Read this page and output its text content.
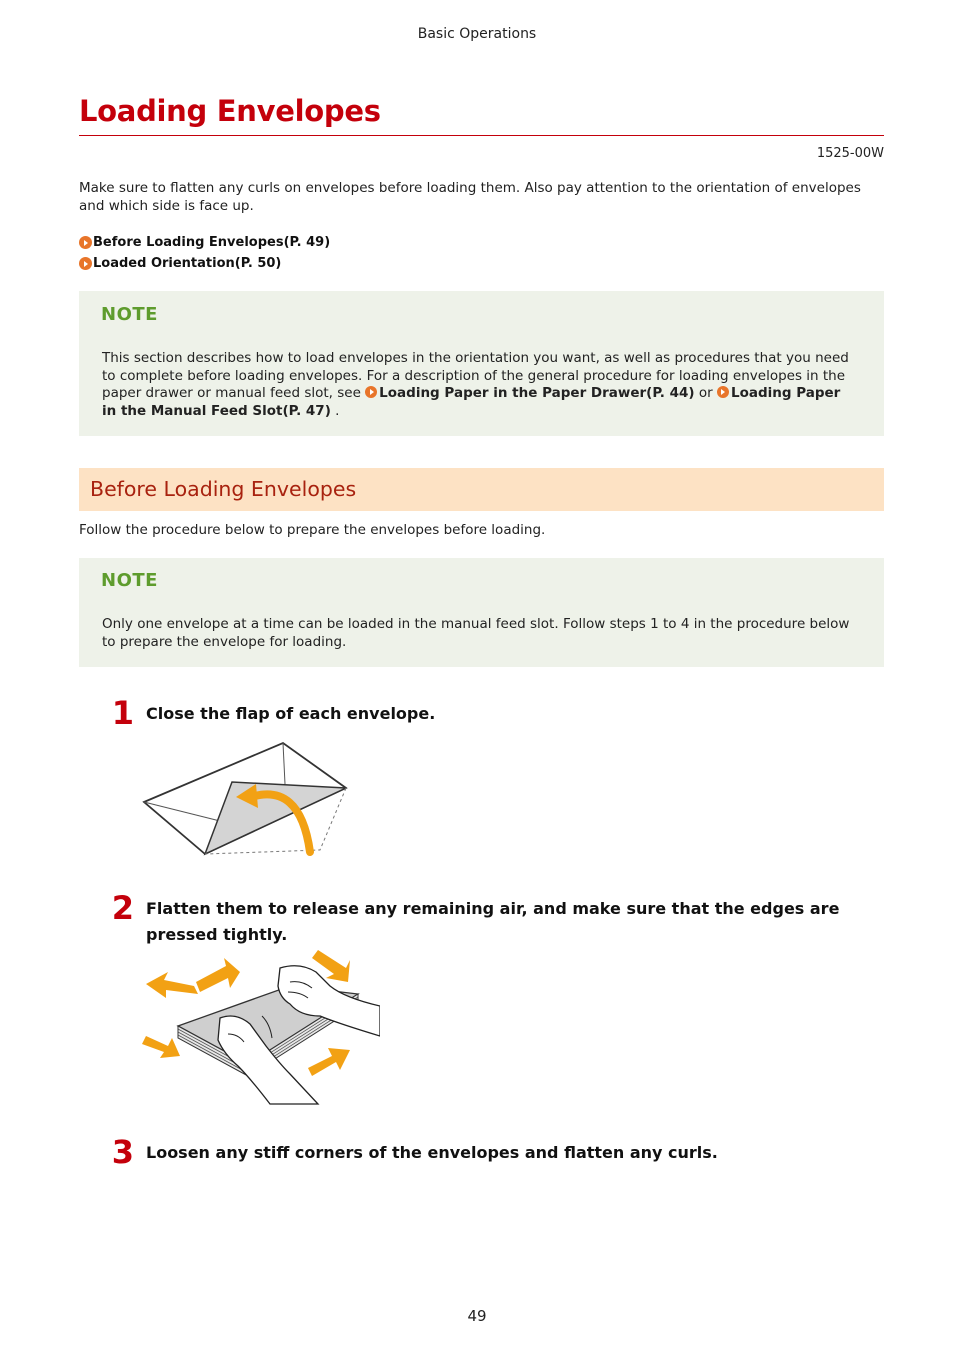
Basic Operations
Loading Envelopes
1525-00W
Make sure to flatten any curls on envelopes before loading them. Also pay attention to the orientation of envelopes and which side is face up.
Before Loading Envelopes(P. 49)
Loaded Orientation(P. 50)
NOTE
This section describes how to load envelopes in the orientation you want, as well as procedures that you need to complete before loading envelopes. For a description of the general procedure for loading envelopes in the paper drawer or manual feed slot, see Loading Paper in the Paper Drawer(P. 44) or Loading Paper in the Manual Feed Slot(P. 47) .
Before Loading Envelopes
Follow the procedure below to prepare the envelopes before loading.
NOTE
Only one envelope at a time can be loaded in the manual feed slot. Follow steps 1 to 4 in the procedure below to prepare the envelope for loading.
1 Close the flap of each envelope.
2 Flatten them to release any remaining air, and make sure that the edges are pressed tightly.
3 Loosen any stiff corners of the envelopes and flatten any curls.
49
